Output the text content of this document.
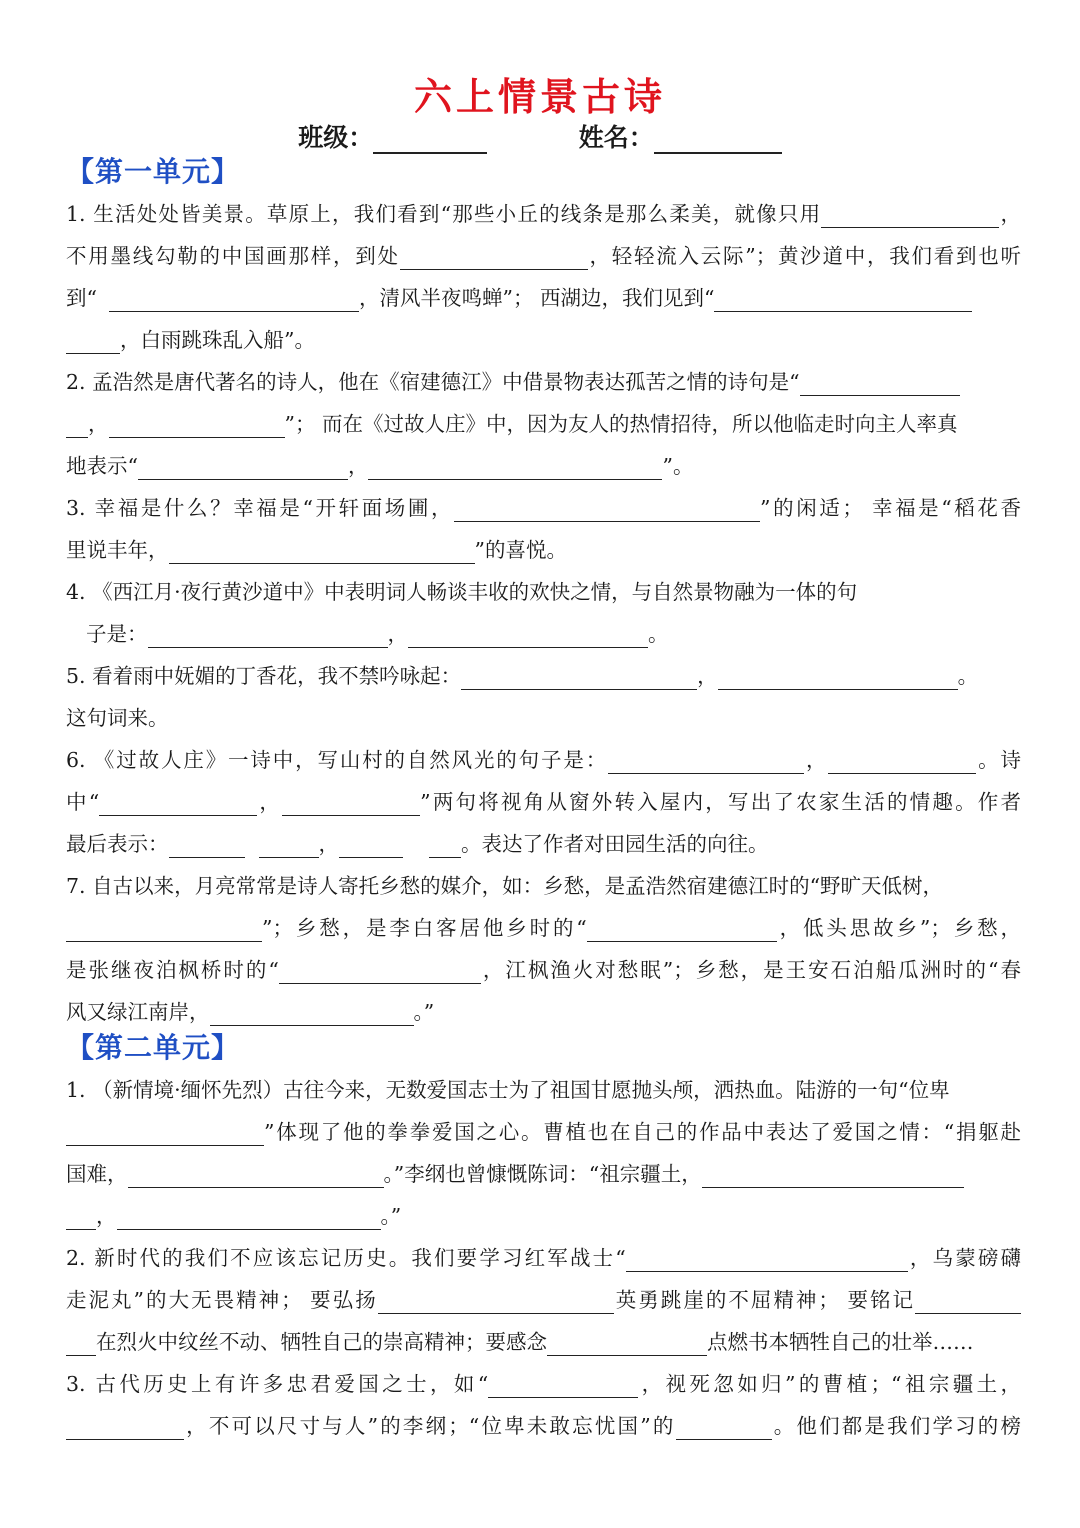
六上情景古诗
班级：	姓名：
【第一单元】
1. 生活处处皆美景。草原上，我们看到“那些小丘的线条是那么柔美，就像只用	，
不用墨线勾勒的中国画那样，到处	，轻轻流入云际”；黄沙道中，我们看到也听
到“	，清风半夜鸣蝉”； 西湖边，我们见到“
，白雨跳珠乱入船”。
2. 孟浩然是唐代著名的诗人，他在《宿建德江》中借景物表达孤苦之情的诗句是“
，	”； 而在《过故人庄》中，因为友人的热情招待，所以他临走时向主人率真
地表示“	，	”。
3. 幸福是什么？幸福是“开轩面场圃，	”的闲适； 幸福是“稻花香
里说丰年，	”的喜悦。
4. 《西江月·夜行黄沙道中》中表明词人畅谈丰收的欢快之情，与自然景物融为一体的句
子是：	，	。
5. 看着雨中妩媚的丁香花，我不禁吟咏起：	，	。
这句词来。
6. 《过故人庄》一诗中，写山村的自然风光的句子是：	，	。诗
中“	，	”两句将视角从窗外转入屋内，写出了农家生活的情趣。作者
最后表示：	，	。表达了作者对田园生活的向往。
7. 自古以来，月亮常常是诗人寄托乡愁的媒介，如：乡愁，是孟浩然宿建德江时的“野旷天低树，
”；乡愁，是李白客居他乡时的“	，低头思故乡”；乡愁，
是张继夜泊枫桥时的“	，江枫渔火对愁眠”；乡愁，是王安石泊船瓜洲时的“春
风又绿江南岸，	。”
【第二单元】
1. （新情境·缅怀先烈）古往今来，无数爱国志士为了祖国甘愿抛头颅，洒热血。陆游的一句“位卑
”体现了他的拳拳爱国之心。曹植也在自己的作品中表达了爱国之情：“捐躯赴
国难，	。”李纲也曾慷慨陈词：“祖宗疆土，
，	。”
2. 新时代的我们不应该忘记历史。我们要学习红军战士“	，乌蒙磅礴
走泥丸”的大无畏精神； 要弘扬	英勇跳崖的不屈精神； 要铭记
在烈火中纹丝不动、牺牲自己的崇高精神；要感念	点燃书本牺牲自己的壮举……
3. 古代历史上有许多忠君爱国之士，如“	，视死忽如归”的曹植；“祖宗疆土，
，不可以尺寸与人”的李纲；“位卑未敢忘忧国”的	。他们都是我们学习的榜
